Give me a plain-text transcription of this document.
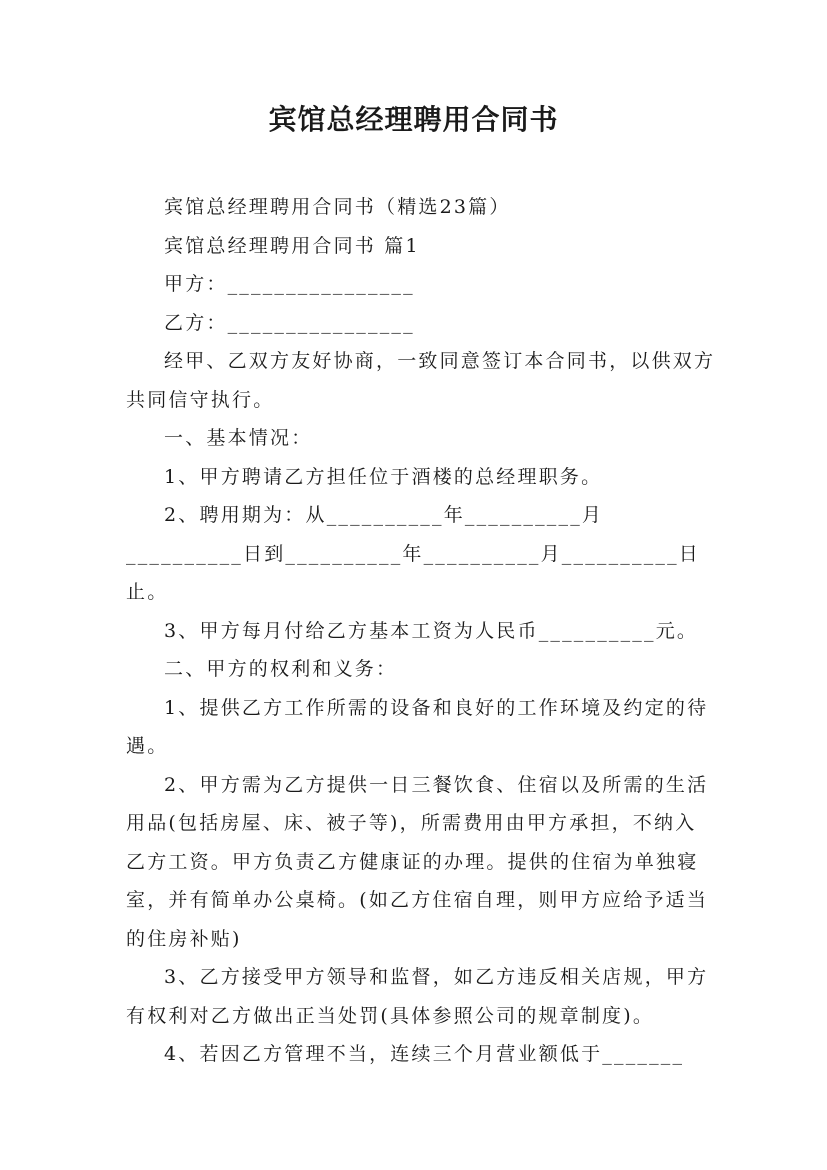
宾馆总经理聘用合同书

宾馆总经理聘用合同书（精选23篇）

宾馆总经理聘用合同书 篇1

甲方：________________

乙方：________________

经甲、乙双方友好协商，一致同意签订本合同书，以供双方共同信守执行。

一、基本情况：

1、甲方聘请乙方担任位于酒楼的总经理职务。

2、聘用期为：从__________年__________月__________日到__________年__________月__________日止。

3、甲方每月付给乙方基本工资为人民币__________元。

二、甲方的权利和义务：

1、提供乙方工作所需的设备和良好的工作环境及约定的待遇。

2、甲方需为乙方提供一日三餐饮食、住宿以及所需的生活用品(包括房屋、床、被子等)，所需费用由甲方承担，不纳入乙方工资。甲方负责乙方健康证的办理。提供的住宿为单独寝室，并有简单办公桌椅。(如乙方住宿自理，则甲方应给予适当的住房补贴)

3、乙方接受甲方领导和监督，如乙方违反相关店规，甲方有权利对乙方做出正当处罚(具体参照公司的规章制度)。

4、若因乙方管理不当，连续三个月营业额低于_______
